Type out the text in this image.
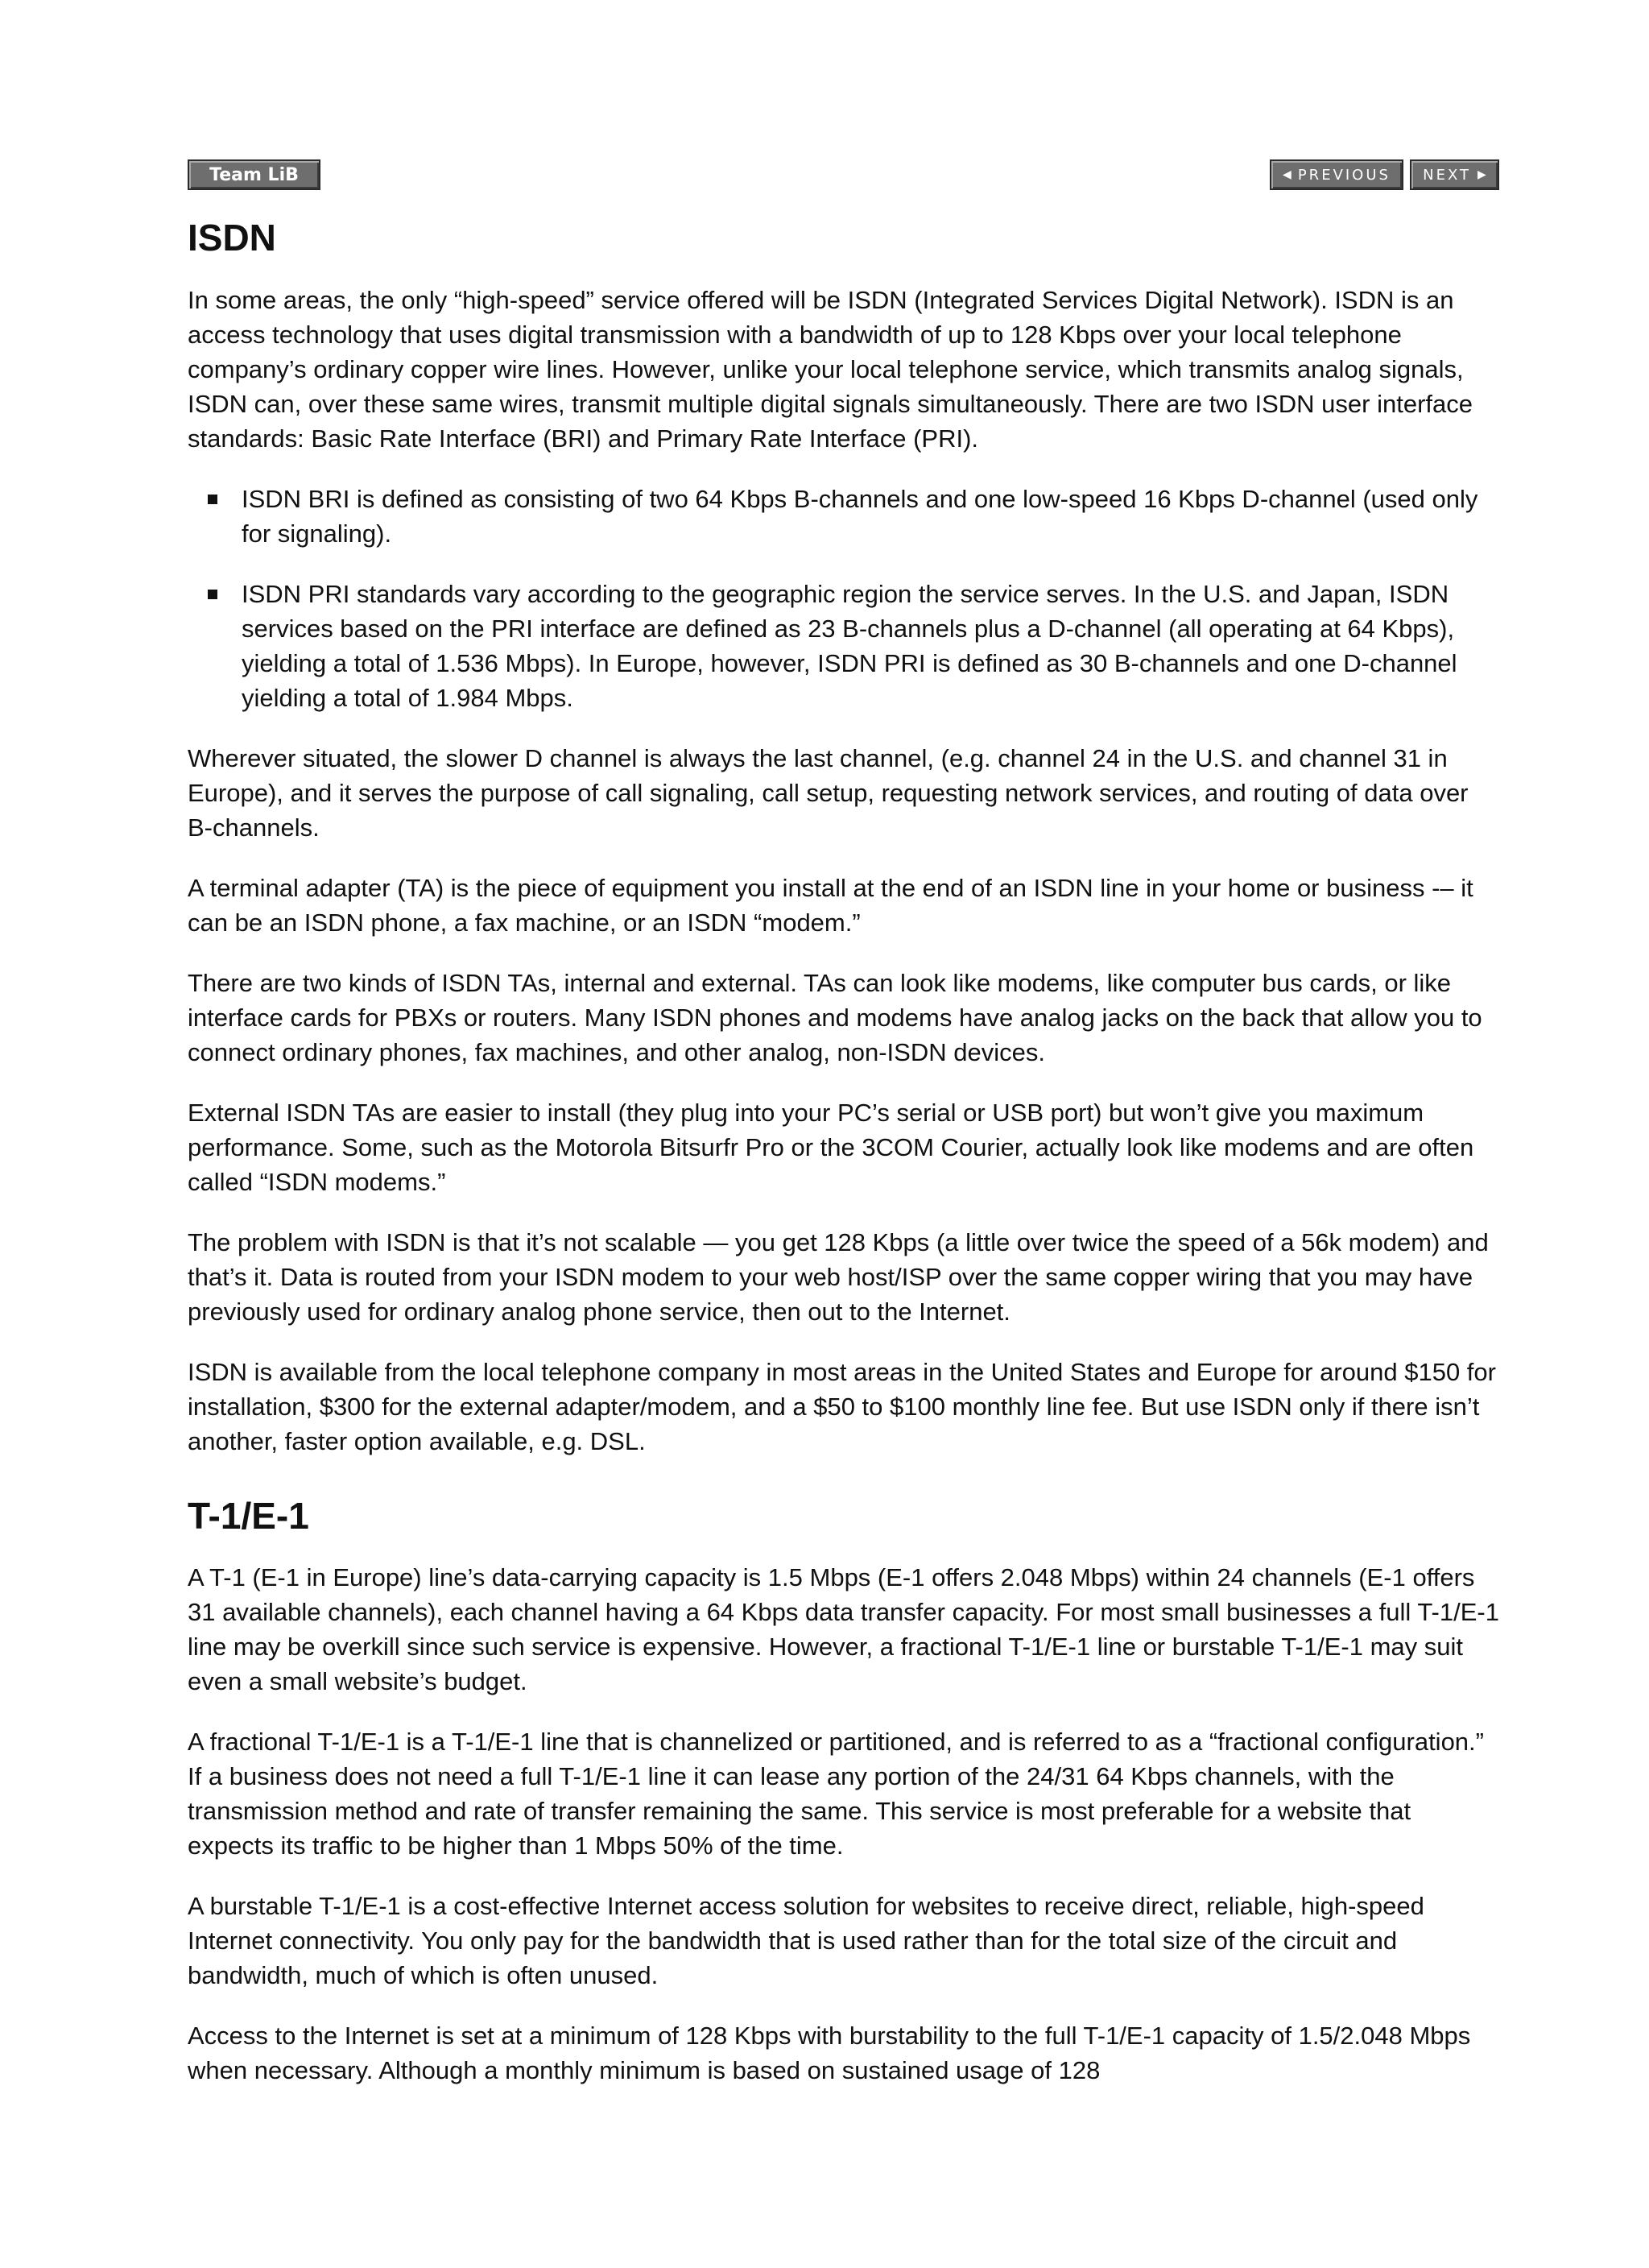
Team LiB	◀ PREVIOUS NEXT ▶
ISDN

In some areas, the only “high-speed” service offered will be ISDN (Integrated Services Digital Network). ISDN is an access technology that uses digital transmission with a bandwidth of up to 128 Kbps over your local telephone company’s ordinary copper wire lines. However, unlike your local telephone service, which transmits analog signals, ISDN can, over these same wires, transmit multiple digital signals simultaneously. There are two ISDN user interface standards: Basic Rate Interface (BRI) and Primary Rate Interface (PRI).

ISDN BRI is defined as consisting of two 64 Kbps B-channels and one low-speed 16 Kbps D-channel (used only for signaling).
ISDN PRI standards vary according to the geographic region the service serves. In the U.S. and Japan, ISDN services based on the PRI interface are defined as 23 B-channels plus a D-channel (all operating at 64 Kbps), yielding a total of 1.536 Mbps). In Europe, however, ISDN PRI is defined as 30 B-channels and one D-channel yielding a total of 1.984 Mbps.

Wherever situated, the slower D channel is always the last channel, (e.g. channel 24 in the U.S. and channel 31 in Europe), and it serves the purpose of call signaling, call setup, requesting network services, and routing of data over B-channels.

A terminal adapter (TA) is the piece of equipment you install at the end of an ISDN line in your home or business -– it can be an ISDN phone, a fax machine, or an ISDN “modem.”

There are two kinds of ISDN TAs, internal and external. TAs can look like modems, like computer bus cards, or like interface cards for PBXs or routers. Many ISDN phones and modems have analog jacks on the back that allow you to connect ordinary phones, fax machines, and other analog, non-ISDN devices.

External ISDN TAs are easier to install (they plug into your PC’s serial or USB port) but won’t give you maximum performance. Some, such as the Motorola Bitsurfr Pro or the 3COM Courier, actually look like modems and are often called “ISDN modems.”

The problem with ISDN is that it’s not scalable — you get 128 Kbps (a little over twice the speed of a 56k modem) and that’s it. Data is routed from your ISDN modem to your web host/ISP over the same copper wiring that you may have previously used for ordinary analog phone service, then out to the Internet.

ISDN is available from the local telephone company in most areas in the United States and Europe for around $150 for installation, $300 for the external adapter/modem, and a $50 to $100 monthly line fee. But use ISDN only if there isn’t another, faster option available, e.g. DSL.

T-1/E-1

A T-1 (E-1 in Europe) line’s data-carrying capacity is 1.5 Mbps (E-1 offers 2.048 Mbps) within 24 channels (E-1 offers 31 available channels), each channel having a 64 Kbps data transfer capacity. For most small businesses a full T-1/E-1 line may be overkill since such service is expensive. However, a fractional T-1/E-1 line or burstable T-1/E-1 may suit even a small website’s budget.

A fractional T-1/E-1 is a T-1/E-1 line that is channelized or partitioned, and is referred to as a “fractional configuration.” If a business does not need a full T-1/E-1 line it can lease any portion of the 24/31 64 Kbps channels, with the transmission method and rate of transfer remaining the same. This service is most preferable for a website that expects its traffic to be higher than 1 Mbps 50% of the time.

A burstable T-1/E-1 is a cost-effective Internet access solution for websites to receive direct, reliable, high-speed Internet connectivity. You only pay for the bandwidth that is used rather than for the total size of the circuit and bandwidth, much of which is often unused.

Access to the Internet is set at a minimum of 128 Kbps with burstability to the full T-1/E-1 capacity of 1.5/2.048 Mbps when necessary. Although a monthly minimum is based on sustained usage of 128
